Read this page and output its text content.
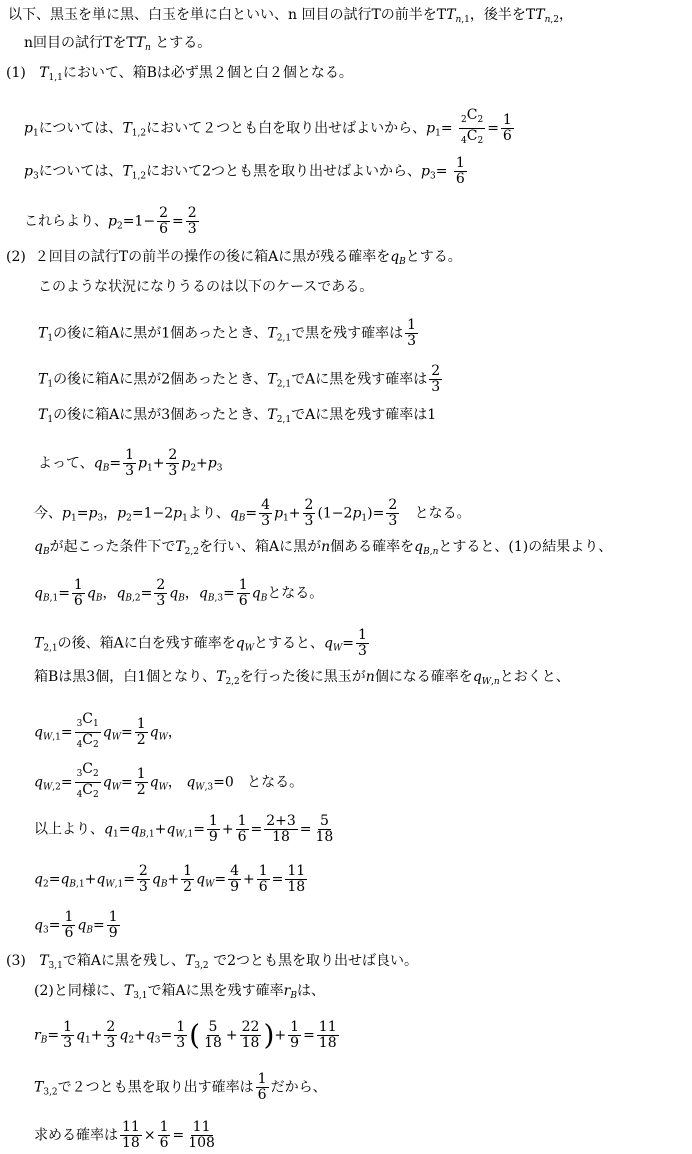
以下、黒玉を単に黒、白玉を単に白といい、n 回目の試行Tの前半を$TT_{n,1}$，後半を$TT_{n,2}$，
n回目の試行Tを$TT_n$ とする。
(1) $T_{1,1}$において、箱Bは必ず黒２個と白２個となる。
$p_1$については、$T_{1,2}$において２つとも白を取り出せばよいから、$p_1= \frac{_2C_2}{_4C_2} = \frac{1}{6}$
$p_3$については、$T_{1,2}$において2つとも黒を取り出せばよいから、$p_3= \frac{1}{6}$
これらより、$p_2=1- \frac{2}{6} = \frac{2}{3}$
(2) ２回目の試行Tの前半の操作の後に箱Aに黒が残る確率を$q_B$とする。
このような状況になりうるのは以下のケースである。
$T_1$の後に箱Aに黒が1個あったとき、$T_{2,1}$で黒を残す確率は $\frac{1}{3}$
$T_1$の後に箱Aに黒が2個あったとき、$T_{2,1}$でAに黒を残す確率は $\frac{2}{3}$
$T_1$の後に箱Aに黒が3個あったとき、$T_{2,1}$でAに黒を残す確率は1
よって、$q_B= \frac{1}{3} p_1+ \frac{2}{3} p_2+p_3$
今、$p_1=p_3$，$p_2=1-2p_1$より、$q_B= \frac{4}{3} p_1+ \frac{2}{3} (1-2p_1)= \frac{2}{3}$ となる。
$q_B$が起こった条件下で$T_{2,2}$を行い、箱Aに黒がn個ある確率を$q_{B,n}$とすると、(1)の結果より、
$q_{B,1}= \frac{1}{6} q_B$，$q_{B,2}= \frac{2}{3} q_B$，$q_{B,3}= \frac{1}{6} q_B$となる。
$T_{2,1}$の後、箱Aに白を残す確率を$q_W$とすると、$q_W= \frac{1}{3}$
箱Bは黒3個，白1個となり、$T_{2,2}$を行った後に黒玉がn個になる確率を$q_{W,n}$とおくと、
$q_{W,1}= \frac{_3C_1}{_4C_2} q_W= \frac{1}{2} q_W$，
$q_{W,2}= \frac{_3C_2}{_4C_2} q_W= \frac{1}{2} q_W$， $q_{W,3}=0$   となる。
以上より、$q_1=q_{B,1}+q_{W,1}= \frac{1}{9} + \frac{1}{6} = \frac{2+3}{18} = \frac{5}{18}$
$q_2=q_{B,1}+q_{W,1}= \frac{2}{3} q_B+ \frac{1}{2} q_W= \frac{4}{9} + \frac{1}{6} = \frac{11}{18}$
$q_3= \frac{1}{6} q_B= \frac{1}{9}$
(3) $T_{3,1}$で箱Aに黒を残し、$T_{3,2}$ で2つとも黒を取り出せば良い。
(2)と同様に、$T_{3,1}$で箱Aに黒を残す確率$r_B$は、
$r_B= \frac{1}{3} q_1+ \frac{2}{3} q_2+q_3= \frac{1}{3}$ ( $\frac{5}{18} + \frac{22}{18}$ )+ $\frac{1}{9} = \frac{11}{18}$
$T_{3,2}$で２つとも黒を取り出す確率は $\frac{1}{6}$ だから、
求める確率は $\frac{11}{18} \times \frac{1}{6} = \frac{11}{108}$
